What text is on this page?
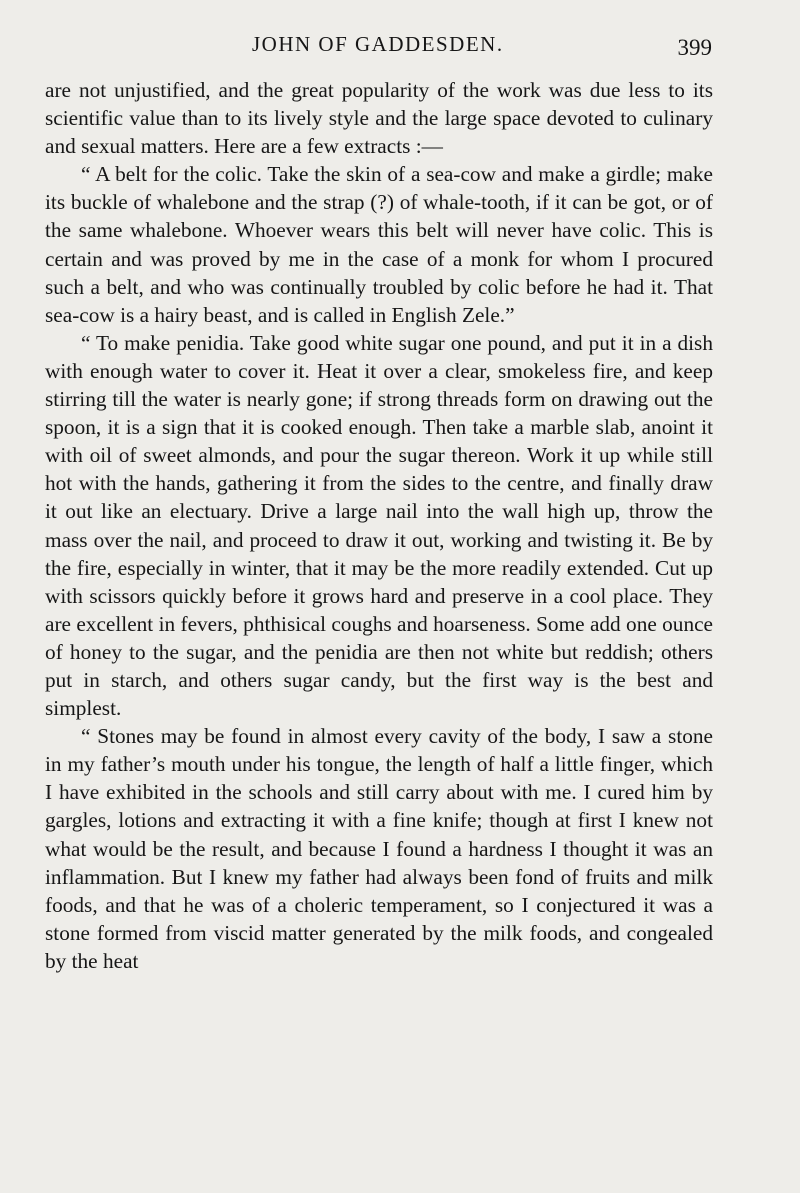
JOHN OF GADDESDEN.	399

are not unjustified, and the great popularity of the work was due less to its scientific value than to its lively style and the large space devoted to culinary and sexual matters. Here are a few extracts :—

“ A belt for the colic. Take the skin of a sea-cow and make a girdle; make its buckle of whalebone and the strap (?) of whale-tooth, if it can be got, or of the same whalebone. Whoever wears this belt will never have colic. This is certain and was proved by me in the case of a monk for whom I procured such a belt, and who was continually troubled by colic before he had it. That sea-cow is a hairy beast, and is called in English Zele.”

“ To make penidia. Take good white sugar one pound, and put it in a dish with enough water to cover it. Heat it over a clear, smokeless fire, and keep stirring till the water is nearly gone; if strong threads form on drawing out the spoon, it is a sign that it is cooked enough. Then take a marble slab, anoint it with oil of sweet almonds, and pour the sugar thereon. Work it up while still hot with the hands, gathering it from the sides to the centre, and finally draw it out like an electuary. Drive a large nail into the wall high up, throw the mass over the nail, and proceed to draw it out, working and twisting it. Be by the fire, especially in winter, that it may be the more readily extended. Cut up with scissors quickly before it grows hard and preserve in a cool place. They are excellent in fevers, phthisical coughs and hoarseness. Some add one ounce of honey to the sugar, and the penidia are then not white but reddish; others put in starch, and others sugar candy, but the first way is the best and simplest.

“ Stones may be found in almost every cavity of the body, I saw a stone in my father’s mouth under his tongue, the length of half a little finger, which I have exhibited in the schools and still carry about with me. I cured him by gargles, lotions and extracting it with a fine knife; though at first I knew not what would be the result, and because I found a hardness I thought it was an inflammation. But I knew my father had always been fond of fruits and milk foods, and that he was of a choleric temperament, so I conjectured it was a stone formed from viscid matter generated by the milk foods, and congealed by the heat
